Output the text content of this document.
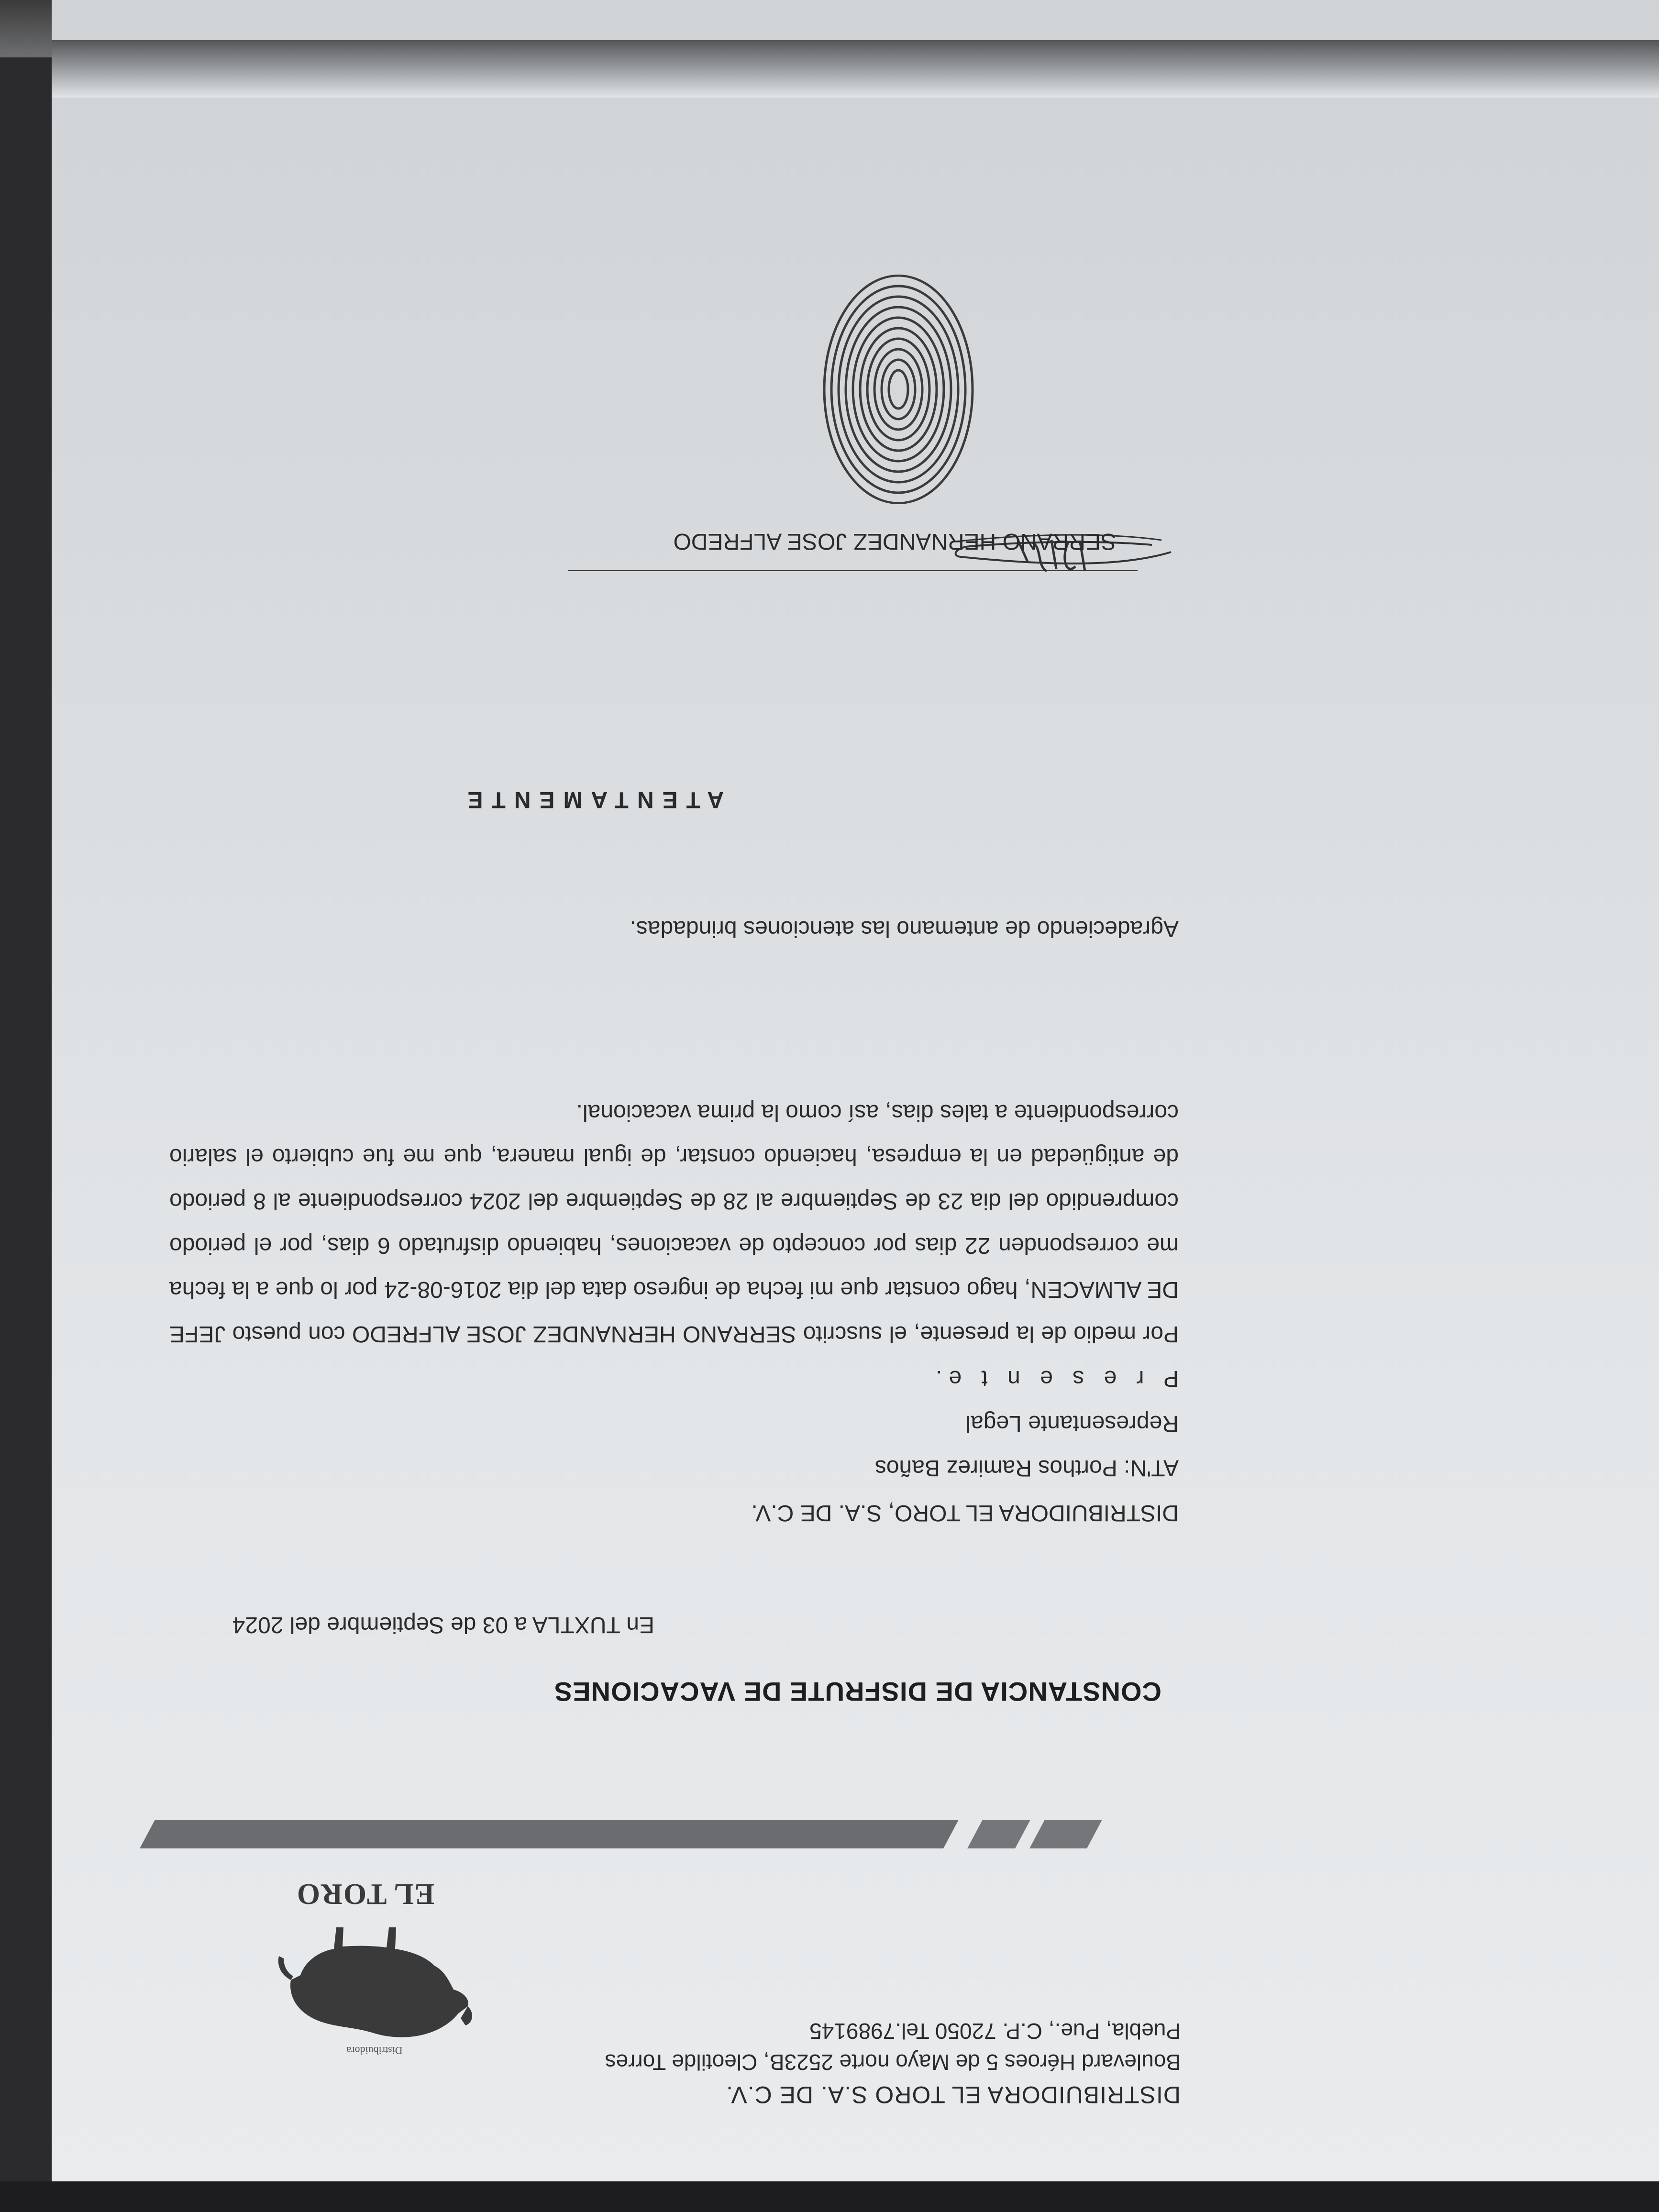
DISTRIBUIDORA EL TORO S.A. DE C.V.
Boulevard Héroes 5 de Mayo norte 2523B, Cleotilde Torres
Puebla, Pue., C.P. 72050 Tel.7989145
Distribuidora
EL TORO
CONSTANCIA DE DISFRUTE DE VACACIONES
En TUXTLA a 03 de Septiembre del 2024
DISTRIBUIDORA EL TORO, S.A. DE C.V.
AT'N: Porthos Ramirez Baños
Representante Legal
P r e s e n t e.
Por medio de la presente, el suscrito SERRANO HERNANDEZ JOSE ALFREDO con puesto JEFE DE ALMACEN, hago constar que mi fecha de ingreso data del dia 2016-08-24 por lo que a la fecha me corresponden 22 dias por concepto de vacaciones, habiendo disfrutado 6 dias, por el periodo comprendido del dia 23 de Septiembre al 28 de Septiembre del 2024 correspondiente al 8 periodo de antigüedad en la empresa, haciendo constar, de igual manera, que me fue cubierto el salario correspondiente a tales dias, así como la prima vacacional.
Agradeciendo de antemano las atenciones brindadas.
ATENTAMENTE
SERRANO HERNANDEZ JOSE ALFREDO
